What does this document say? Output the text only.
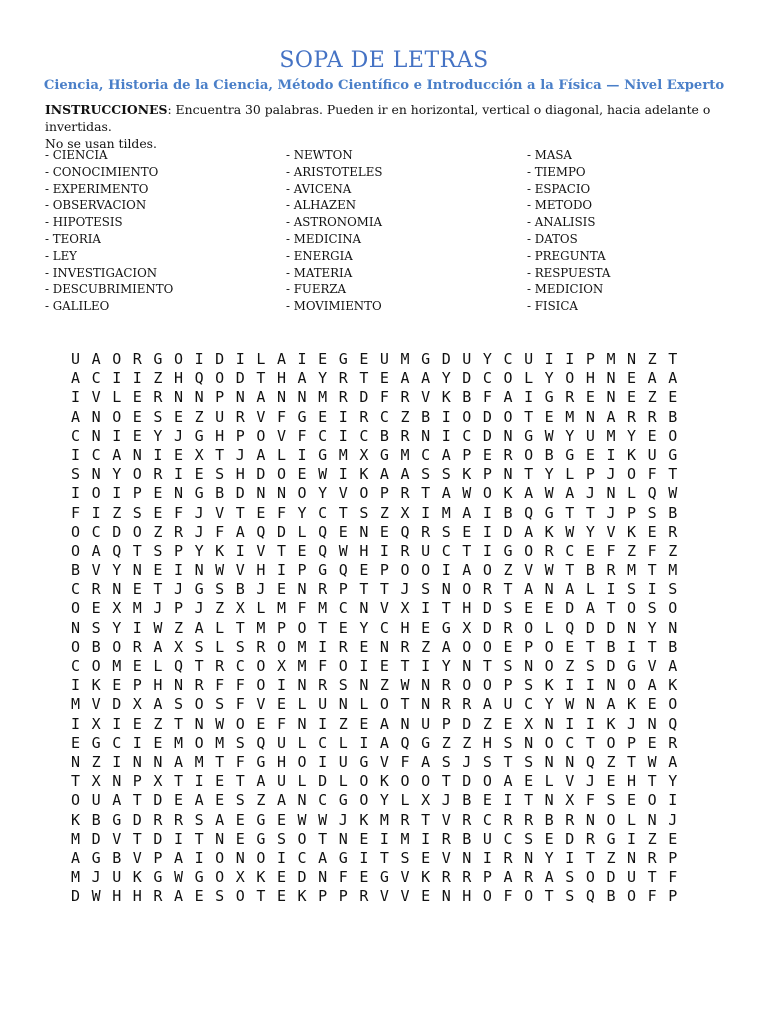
SOPA DE LETRAS
Ciencia, Historia de la Ciencia, Método Científico e Introducción a la Física — Nivel Experto
INSTRUCCIONES: Encuentra 30 palabras. Pueden ir en horizontal, vertical o diagonal, hacia adelante o invertidas.
No se usan tildes.
- CIENCIA
- CONOCIMIENTO
- EXPERIMENTO
- OBSERVACION
- HIPOTESIS
- TEORIA
- LEY
- INVESTIGACION
- DESCUBRIMIENTO
- GALILEO
- NEWTON
- ARISTOTELES
- AVICENA
- ALHAZEN
- ASTRONOMIA
- MEDICINA
- ENERGIA
- MATERIA
- FUERZA
- MOVIMIENTO
- MASA
- TIEMPO
- ESPACIO
- METODO
- ANALISIS
- DATOS
- PREGUNTA
- RESPUESTA
- MEDICION
- FISICA
U A O R G O I D I L A I E G E U M G D U Y C U I I P M N Z T
A C I I Z H Q O D T H A Y R T E A A Y D C O L Y O H N E A A
I V L E R N N P N A N N M R D F R V K B F A I G R E N E Z E
A N O E S E Z U R V F G E I R C Z B I O D O T E M N A R R B
C N I E Y J G H P O V F C I C B R N I C D N G W Y U M Y E O
I C A N I E X T J A L I G M X G M C A P E R O B G E I K U G
S N Y O R I E S H D O E W I K A A S S K P N T Y L P J O F T
I O I P E N G B D N N O Y V O P R T A W O K A W A J N L Q W
F I Z S E F J V T E F Y C T S Z X I M A I B Q G T T J P S B
O C D O Z R J F A Q D L Q E N E Q R S E I D A K W Y V K E R
O A Q T S P Y K I V T E Q W H I R U C T I G O R C E F Z F Z
B V Y N E I N W V H I P G Q E P O O I A O Z V W T B R M T M
C R N E T J G S B J E N R P T T J S N O R T A N A L I S I S
O E X M J P J Z X L M F M C N V X I T H D S E E D A T O S O
N S Y I W Z A L T M P O T E Y C H E G X D R O L Q D D N Y N
O B O R A X S L S R O M I R E N R Z A O O E P O E T B I T B
C O M E L Q T R C O X M F O I E T I Y N T S N O Z S D G V A
I K E P H N R F F O I N R S N Z W N R O O P S K I I N O A K
M V D X A S O S F V E L U N L O T N R R A U C Y W N A K E O
I X I E Z T N W O E F N I Z E A N U P D Z E X N I I K J N Q
E G C I E M O M S Q U L C L I A Q G Z Z H S N O C T O P E R
N Z I N N A M T F G H O I U G V F A S J S T S N N Q Z T W A
T X N P X T I E T A U L D L O K O O T D O A E L V J E H T Y
O U A T D E A E S Z A N C G O Y L X J B E I T N X F S E O I
K B G D R R S A E G E W W J K M R T V R C R R B R N O L N J
M D V T D I T N E G S O T N E I M I R B U C S E D R G I Z E
A G B V P A I O N O I C A G I T S E V N I R N Y I T Z N R P
M J U K G W G O X K E D N F E G V K R R P A R A S O D U T F
D W H H R A E S O T E K P P R V V E N H O F O T S Q B O F P
